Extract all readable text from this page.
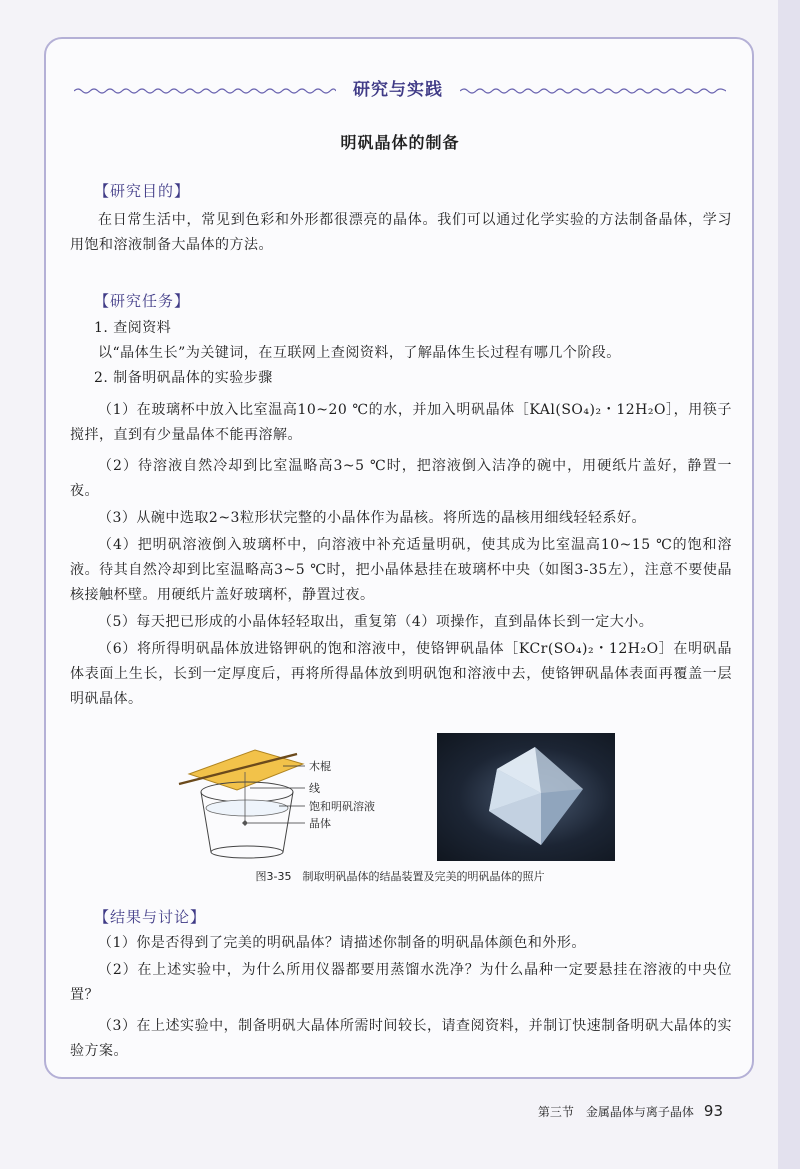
研究与实践
明矾晶体的制备
【研究目的】
在日常生活中，常见到色彩和外形都很漂亮的晶体。我们可以通过化学实验的方法制备晶体，学习用饱和溶液制备大晶体的方法。
【研究任务】
1. 查阅资料
以“晶体生长”为关键词，在互联网上查阅资料，了解晶体生长过程有哪几个阶段。
2. 制备明矾晶体的实验步骤
（1）在玻璃杯中放入比室温高10~20 ℃的水，并加入明矾晶体［KAl(SO₄)₂・12H₂O］，用筷子搅拌，直到有少量晶体不能再溶解。
（2）待溶液自然冷却到比室温略高3~5 ℃时，把溶液倒入洁净的碗中，用硬纸片盖好，静置一夜。
（3）从碗中选取2~3粒形状完整的小晶体作为晶核。将所选的晶核用细线轻轻系好。
（4）把明矾溶液倒入玻璃杯中，向溶液中补充适量明矾，使其成为比室温高10~15 ℃的饱和溶液。待其自然冷却到比室温略高3~5 ℃时，把小晶体悬挂在玻璃杯中央（如图3-35左），注意不要使晶核接触杯壁。用硬纸片盖好玻璃杯，静置过夜。
（5）每天把已形成的小晶体轻轻取出，重复第（4）项操作，直到晶体长到一定大小。
（6）将所得明矾晶体放进铬钾矾的饱和溶液中，使铬钾矾晶体［KCr(SO₄)₂・12H₂O］在明矾晶体表面上生长，长到一定厚度后，再将所得晶体放到明矾饱和溶液中去，使铬钾矾晶体表面再覆盖一层明矾晶体。
木棍
线
饱和明矾溶液
晶体
图3-35　制取明矾晶体的结晶装置及完美的明矾晶体的照片
【结果与讨论】
（1）你是否得到了完美的明矾晶体？请描述你制备的明矾晶体颜色和外形。
（2）在上述实验中，为什么所用仪器都要用蒸馏水洗净？为什么晶种一定要悬挂在溶液的中央位置？
（3）在上述实验中，制备明矾大晶体所需时间较长，请查阅资料，并制订快速制备明矾大晶体的实验方案。
第三节　金属晶体与离子晶体 93
